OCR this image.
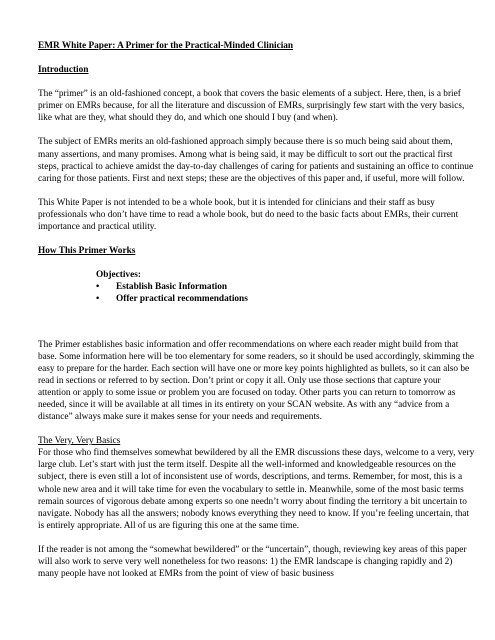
EMR White Paper: A Primer for the Practical-Minded Clinician
Introduction

The “primer” is an old-fashioned concept, a book that covers the basic elements of a subject. Here, then, is a brief primer on EMRs because, for all the literature and discussion of EMRs, surprisingly few start with the very basics, like what are they, what should they do, and which one should I buy (and when).

The subject of EMRs merits an old-fashioned approach simply because there is so much being said about them, many assertions, and many promises. Among what is being said, it may be difficult to sort out the practical first steps, practical to achieve amidst the day-to-day challenges of caring for patients and sustaining an office to continue caring for those patients. First and next steps; these are the objectives of this paper and, if useful, more will follow.

This White Paper is not intended to be a whole book, but it is intended for clinicians and their staff as busy professionals who don’t have time to read a whole book, but do need to the basic facts about EMRs, their current importance and practical utility.

How This Primer Works
Objectives:
•	Establish Basic Information
•	Offer practical recommendations

The Primer establishes basic information and offer recommendations on where each reader might build from that base. Some information here will be too elementary for some readers, so it should be used accordingly, skimming the easy to prepare for the harder. Each section will have one or more key points highlighted as bullets, so it can also be read in sections or referred to by section. Don’t print or copy it all. Only use those sections that capture your attention or apply to some issue or problem you are focused on today. Other parts you can return to tomorrow as needed, since it will be available at all times in its entirety on your SCAN website. As with any “advice from a distance” always make sure it makes sense for your needs and requirements.

The Very, Very Basics

For those who find themselves somewhat bewildered by all the EMR discussions these days, welcome to a very, very large club. Let’s start with just the term itself. Despite all the well-informed and knowledgeable resources on the subject, there is even still a lot of inconsistent use of words, descriptions, and terms. Remember, for most, this is a whole new area and it will take time for even the vocabulary to settle in. Meanwhile, some of the most basic terms remain sources of vigorous debate among experts so one needn’t worry about finding the territory a bit uncertain to navigate. Nobody has all the answers; nobody knows everything they need to know. If you’re feeling uncertain, that is entirely appropriate. All of us are figuring this one at the same time.

If the reader is not among the “somewhat bewildered” or the “uncertain”, though, reviewing key areas of this paper will also work to serve very well nonetheless for two reasons: 1) the EMR landscape is changing rapidly and 2) many people have not looked at EMRs from the point of view of basic business
